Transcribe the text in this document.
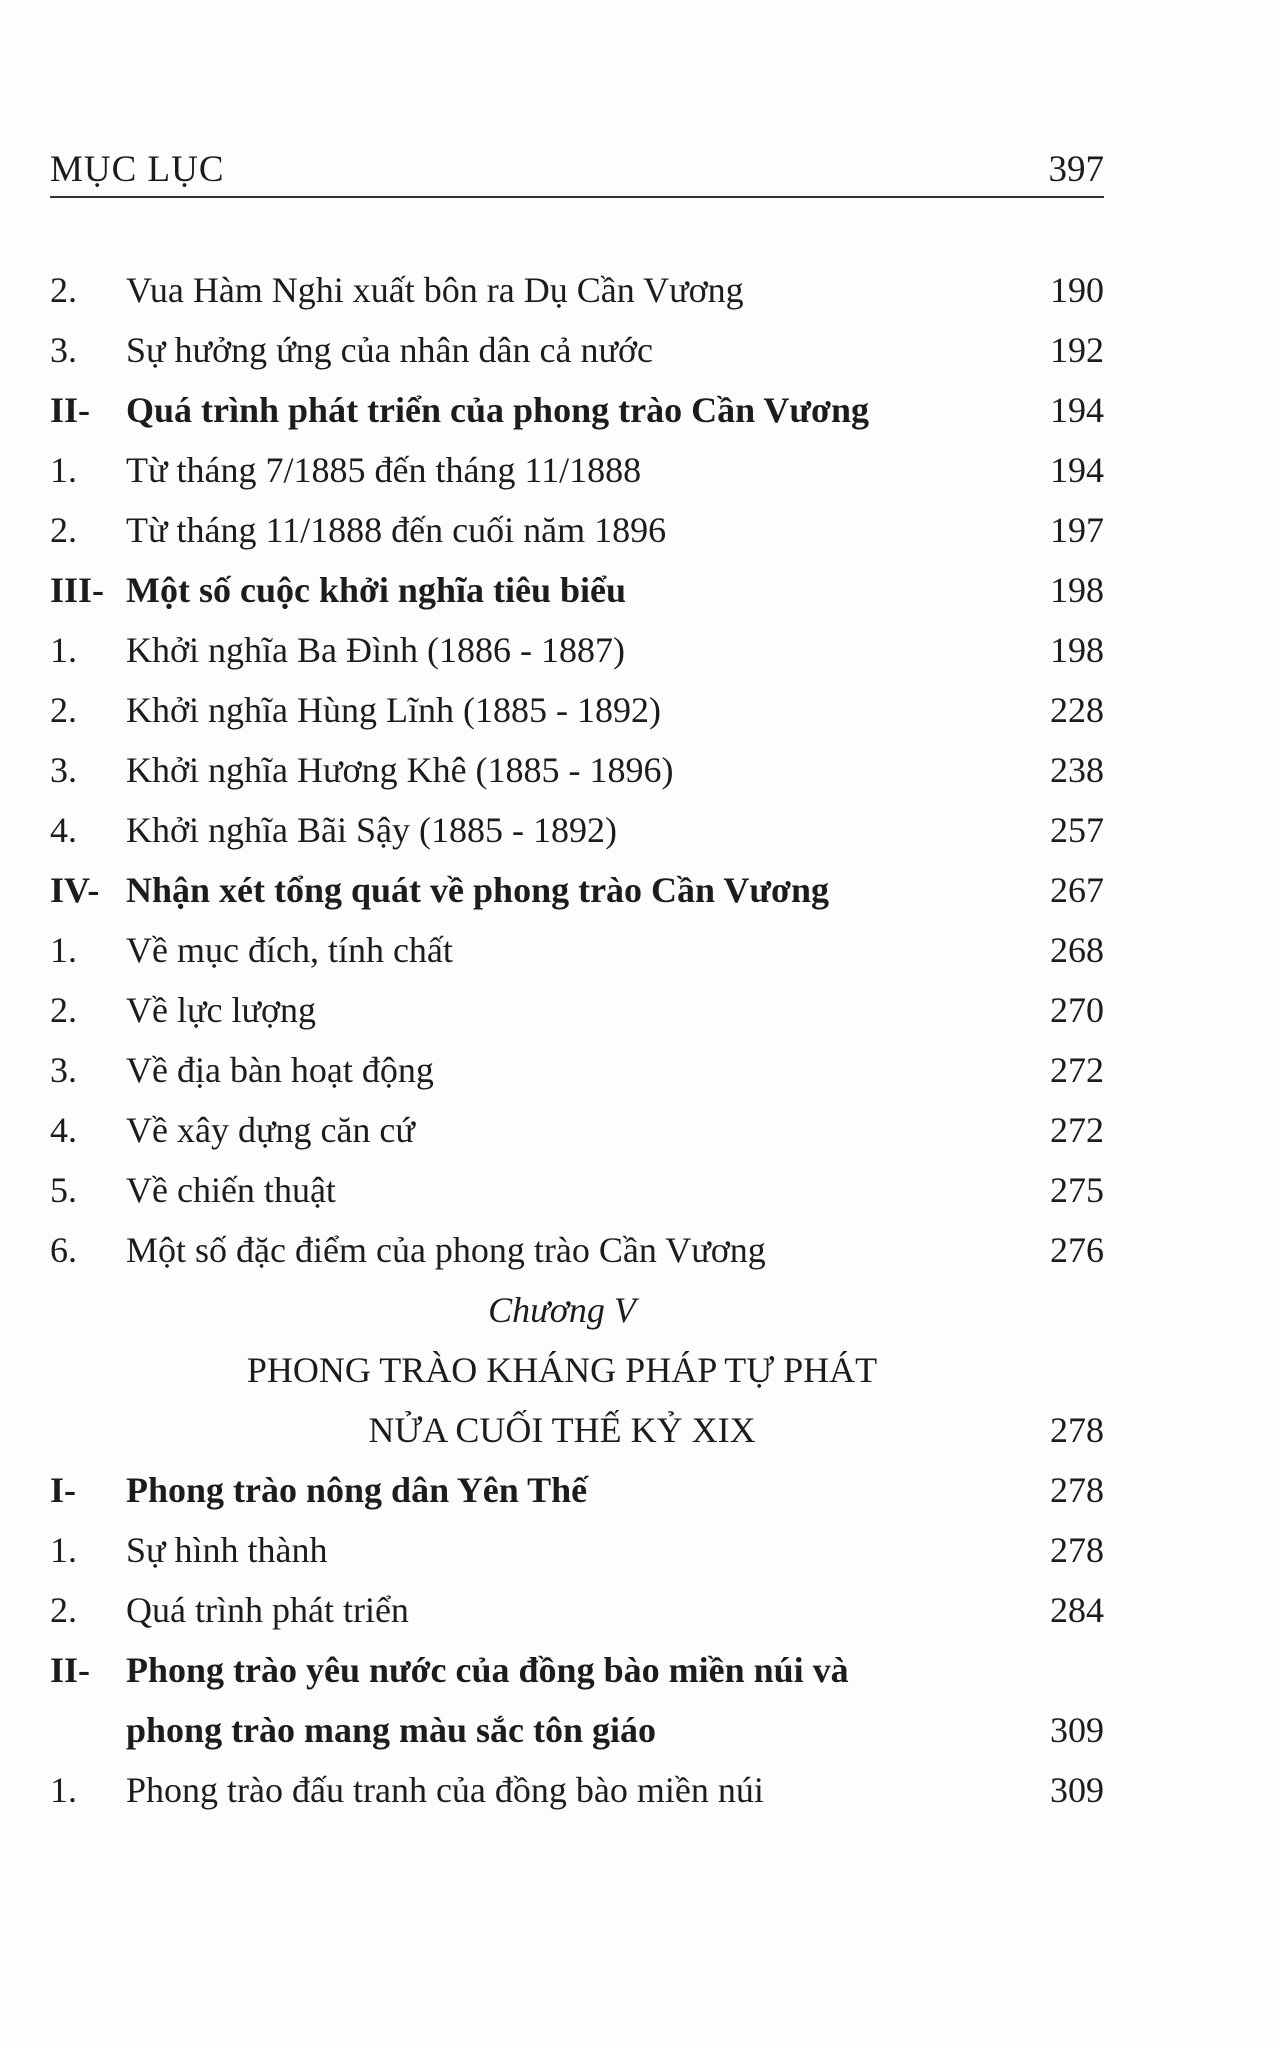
MỤC LỤC	397
2. Vua Hàm Nghi xuất bôn ra Dụ Cần Vương	190
3. Sự hưởng ứng của nhân dân cả nước	192
II- Quá trình phát triển của phong trào Cần Vương	194
1. Từ tháng 7/1885 đến tháng 11/1888	194
2. Từ tháng 11/1888 đến cuối năm 1896	197
III- Một số cuộc khởi nghĩa tiêu biểu	198
1. Khởi nghĩa Ba Đình (1886 - 1887)	198
2. Khởi nghĩa Hùng Lĩnh (1885 - 1892)	228
3. Khởi nghĩa Hương Khê (1885 - 1896)	238
4. Khởi nghĩa Bãi Sậy (1885 - 1892)	257
IV- Nhận xét tổng quát về phong trào Cần Vương	267
1. Về mục đích, tính chất	268
2. Về lực lượng	270
3. Về địa bàn hoạt động	272
4. Về xây dựng căn cứ	272
5. Về chiến thuật	275
6. Một số đặc điểm của phong trào Cần Vương	276
Chương V
PHONG TRÀO KHÁNG PHÁP TỰ PHÁT
NỬA CUỐI THẾ KỶ XIX	278
I- Phong trào nông dân Yên Thế	278
1. Sự hình thành	278
2. Quá trình phát triển	284
II- Phong trào yêu nước của đồng bào miền núi và
phong trào mang màu sắc tôn giáo	309
1. Phong trào đấu tranh của đồng bào miền núi	309
